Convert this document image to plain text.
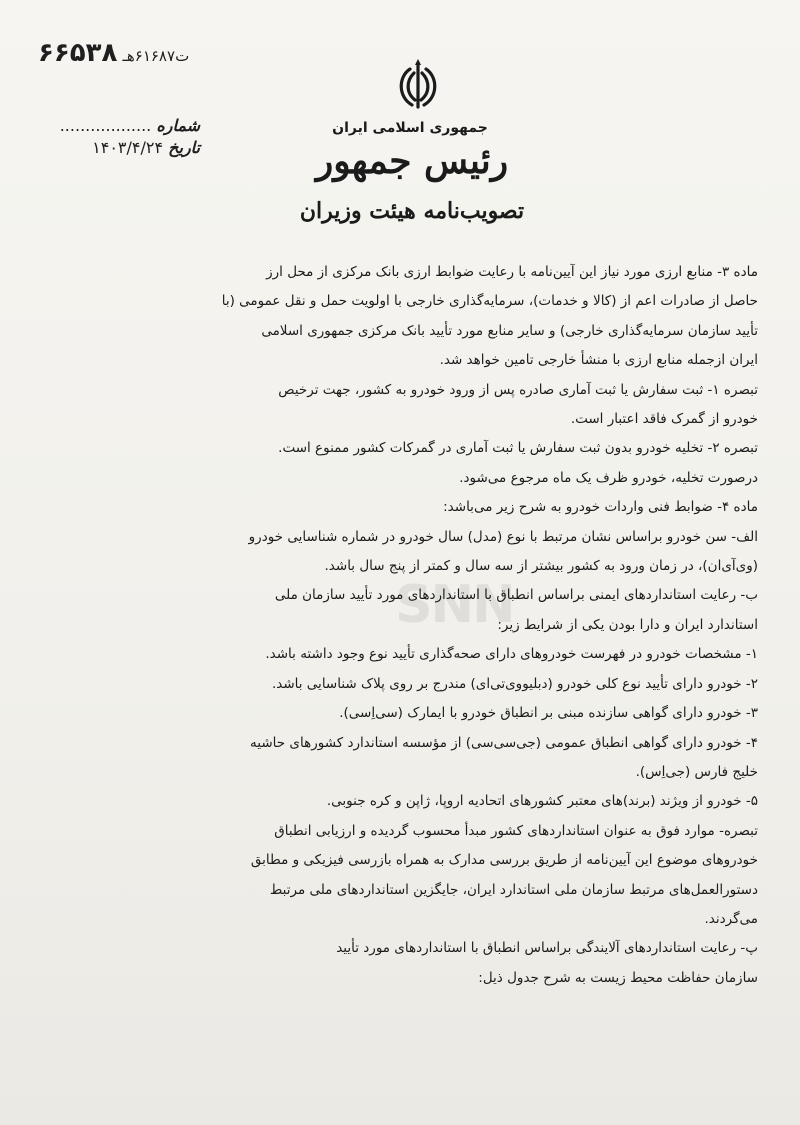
ت۶۱۶۸۷هـ ۶۶۵۳۸
شماره ..................
تاریخ ۱۴۰۳/۴/۲۴
جمهوری اسلامی ایران
رئیس جمهور
تصویب‌نامه هیئت وزیران
SNN
ماده ۳- منابع ارزی مورد نیاز این آیین‌نامه با رعایت ضوابط ارزی بانک مرکزی از محل ارز
حاصل از صادرات اعم از (کالا و خدمات)، سرمایه‌گذاری خارجی با اولویت حمل و نقل عمومی (با
تأیید سازمان سرمایه‌گذاری خارجی) و سایر منابع مورد تأیید بانک مرکزی جمهوری اسلامی
ایران ازجمله منابع ارزی با منشأ خارجی تامین خواهد شد.
تبصره ۱- ثبت سفارش یا ثبت آماری صادره پس از ورود خودرو به کشور، جهت ترخیص
خودرو از گمرک فاقد اعتبار است.
تبصره ۲- تخلیه خودرو بدون ثبت سفارش یا ثبت آماری در گمرکات کشور ممنوع است.
درصورت تخلیه، خودرو ظرف یک ماه مرجوع می‌شود.
ماده ۴- ضوابط فنی واردات خودرو به شرح زیر می‌باشد:
الف- سن خودرو براساس نشان مرتبط با نوع (مدل) سال خودرو در شماره شناسایی خودرو
(وی‌آی‌ان)، در زمان ورود به کشور بیشتر از سه سال و کمتر از پنج سال باشد.
ب- رعایت استانداردهای ایمنی براساس انطباق با استانداردهای مورد تأیید سازمان ملی
استاندارد ایران و دارا بودن یکی از شرایط زیر:
۱- مشخصات خودرو در فهرست خودروهای دارای صحه‌گذاری تأیید نوع وجود داشته باشد.
۲- خودرو دارای تأیید نوع کلی خودرو (دبلیووی‌تی‌ای) مندرج بر روی پلاک شناسایی باشد.
۳- خودرو دارای گواهی سازنده مبنی بر انطباق خودرو با ایمارک (سی‌اِسی).
۴- خودرو دارای گواهی انطباق عمومی (جی‌سی‌سی) از مؤسسه استاندارد کشورهای حاشیه
خلیج فارس (جی‌اِس).
۵- خودرو از ویژند (برند)های معتبر کشورهای اتحادیه اروپا، ژاپن و کره جنوبی.
تبصره- موارد فوق به عنوان استانداردهای کشور مبدأ محسوب گردیده و ارزیابی انطباق
خودروهای موضوع این آیین‌نامه از طریق بررسی مدارک به همراه بازرسی فیزیکی و مطابق
دستورالعمل‌های مرتبط سازمان ملی استاندارد ایران، جایگزین استانداردهای ملی مرتبط
می‌گردند.
پ- رعایت استانداردهای آلایندگی براساس انطباق با استانداردهای مورد تأیید
سازمان حفاظت محیط زیست به شرح جدول ذیل:
